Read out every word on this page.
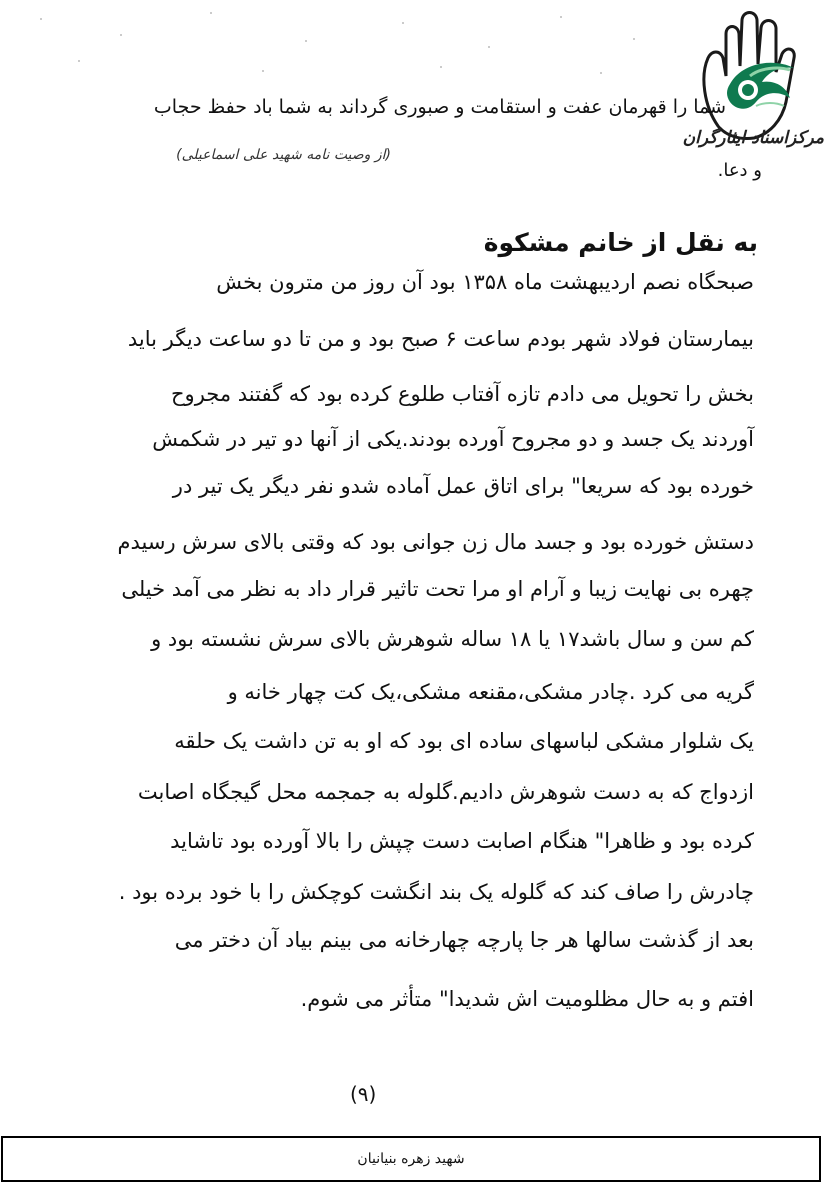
مرکزاسناد ایثارگران
شما را قهرمان عفت و استقامت و صبوری گرداند به شما باد حفظ حجاب
(از وصیت نامه شهید علی اسماعیلی)
و دعا.
به نقل از خانم مشکوة
صبحگاه نصم اردیبهشت ماه ۱۳۵۸ بود آن روز من مترون بخش
بیمارستان فولاد شهر بودم ساعت ۶ صبح بود و من تا دو ساعت دیگر باید
بخش را تحویل می دادم تازه آفتاب طلوع کرده بود که گفتند مجروح
آوردند یک جسد و دو مجروح آورده بودند.یکی از آنها دو تیر در شکمش
خورده بود که سریعا" برای اتاق عمل آماده شدو نفر دیگر یک تیر در
دستش خورده بود و جسد مال زن جوانی بود که وقتی بالای سرش رسیدم
چهره بی نهایت زیبا و آرام او مرا تحت تاثیر قرار داد به نظر می آمد خیلی
کم سن و سال باشد۱۷ یا ۱۸ ساله شوهرش بالای سرش نشسته بود و
گریه می کرد .چادر مشکی،مقنعه مشکی،یک کت چهار خانه و
یک شلوار مشکی لباسهای ساده ای بود که او به تن داشت یک حلقه
ازدواج که به دست شوهرش دادیم.گلوله به جمجمه محل گیجگاه اصابت
کرده بود و ظاهرا" هنگام اصابت دست چپش را بالا آورده بود تاشاید
چادرش را صاف کند که گلوله یک بند انگشت کوچکش را با خود برده بود .
بعد از گذشت سالها هر جا پارچه چهارخانه می بینم بیاد آن دختر می
افتم و به حال مظلومیت اش شدیدا" متأثر می شوم.
(۹)
شهید زهره بنیانیان
